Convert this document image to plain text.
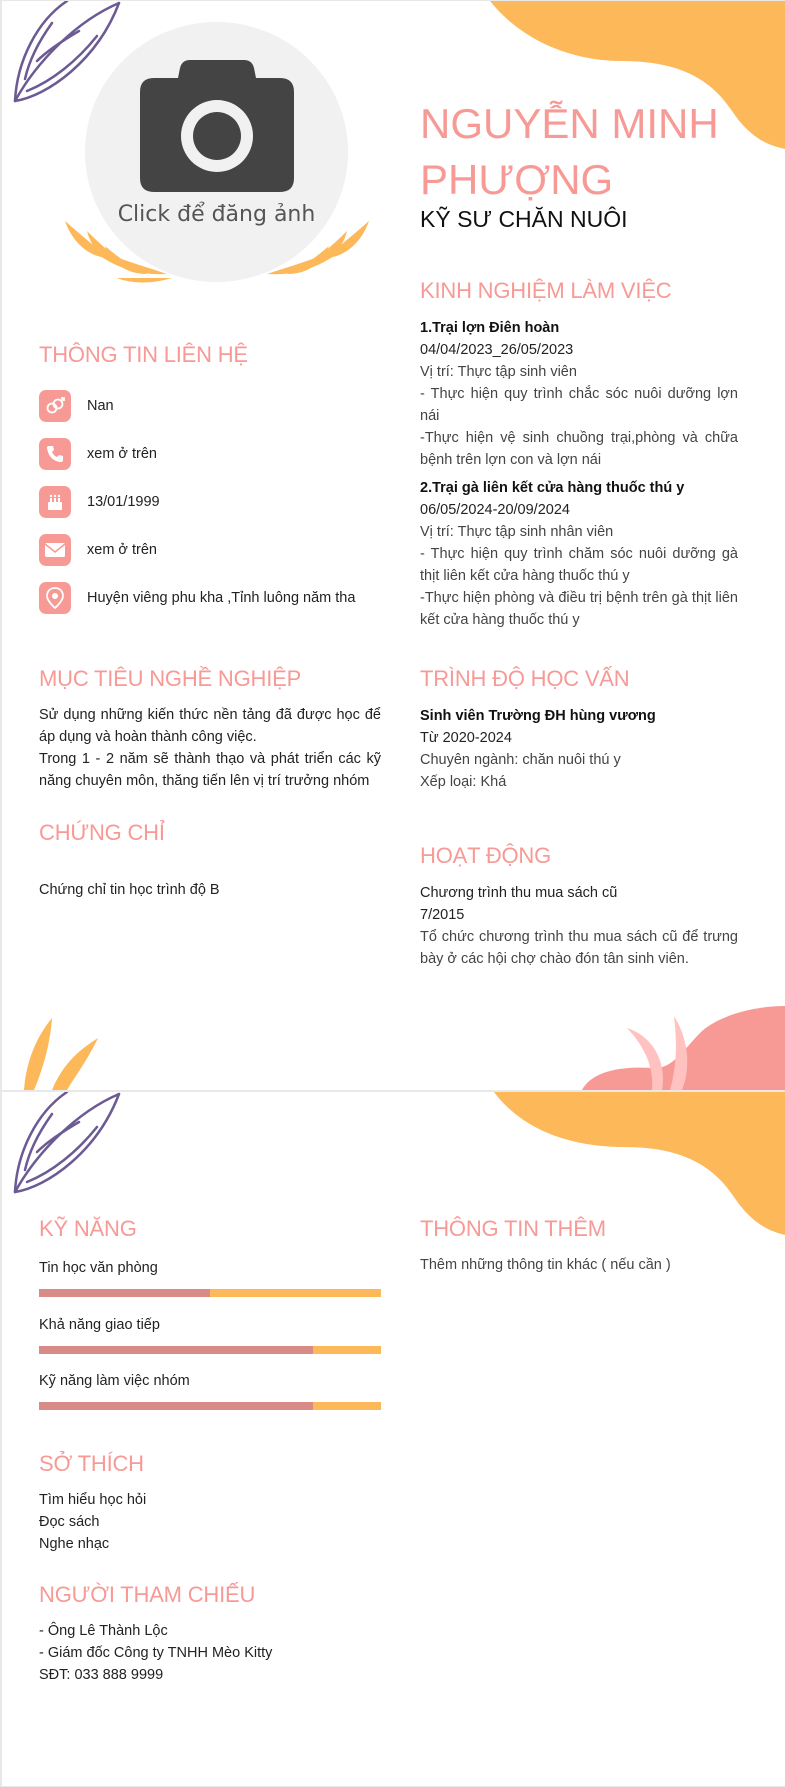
Click để đăng ảnh
NGUYỄN MINH PHƯỢNG
KỸ SƯ CHĂN NUÔI
THÔNG TIN LIÊN HỆ
Nan
xem ở trên
13/01/1999
xem ở trên
Huyện viêng phu kha ,Tỉnh luông năm tha
MỤC TIÊU NGHỀ NGHIỆP
Sử dụng những kiến thức nền tảng đã được học để áp dụng và hoàn thành công việc.
Trong 1 - 2 năm sẽ thành thạo và phát triển các kỹ năng chuyên môn, thăng tiến lên vị trí trưởng nhóm
CHỨNG CHỈ
Chứng chỉ tin học trình độ B
KINH NGHIỆM LÀM VIỆC
1.Trại lợn Điên hoàn
04/04/2023_26/05/2023
Vị trí: Thực tập sinh viên
- Thực hiện quy trình chắc sóc nuôi dưỡng lợn nái
-Thực hiện vệ sinh chuồng trại,phòng và chữa bệnh trên lợn con và lợn nái
2.Trại gà liên kết cửa hàng thuốc thú y
06/05/2024-20/09/2024
Vị trí: Thực tập sinh nhân viên
- Thực hiện quy trình chăm sóc nuôi dưỡng gà thịt liên kết cửa hàng thuốc thú y
-Thực hiện phòng và điều trị bệnh trên gà thịt liên kết cửa hàng thuốc thú y
TRÌNH ĐỘ HỌC VẤN
Sinh viên Trường ĐH hùng vương
Từ 2020-2024
Chuyên ngành: chăn nuôi thú y
Xếp loại: Khá
HOẠT ĐỘNG
Chương trình thu mua sách cũ
7/2015
Tổ chức chương trình thu mua sách cũ để trưng bày ở các hội chợ chào đón tân sinh viên.
KỸ NĂNG
Tin học văn phòng
Khả năng giao tiếp
Kỹ năng làm việc nhóm
SỞ THÍCH
Tìm hiểu học hỏi
Đọc sách
Nghe nhạc
NGƯỜI THAM CHIẾU
- Ông Lê Thành Lộc
- Giám đốc Công ty TNHH Mèo Kitty
SĐT: 033 888 9999
THÔNG TIN THÊM
Thêm những thông tin khác ( nếu cần )
